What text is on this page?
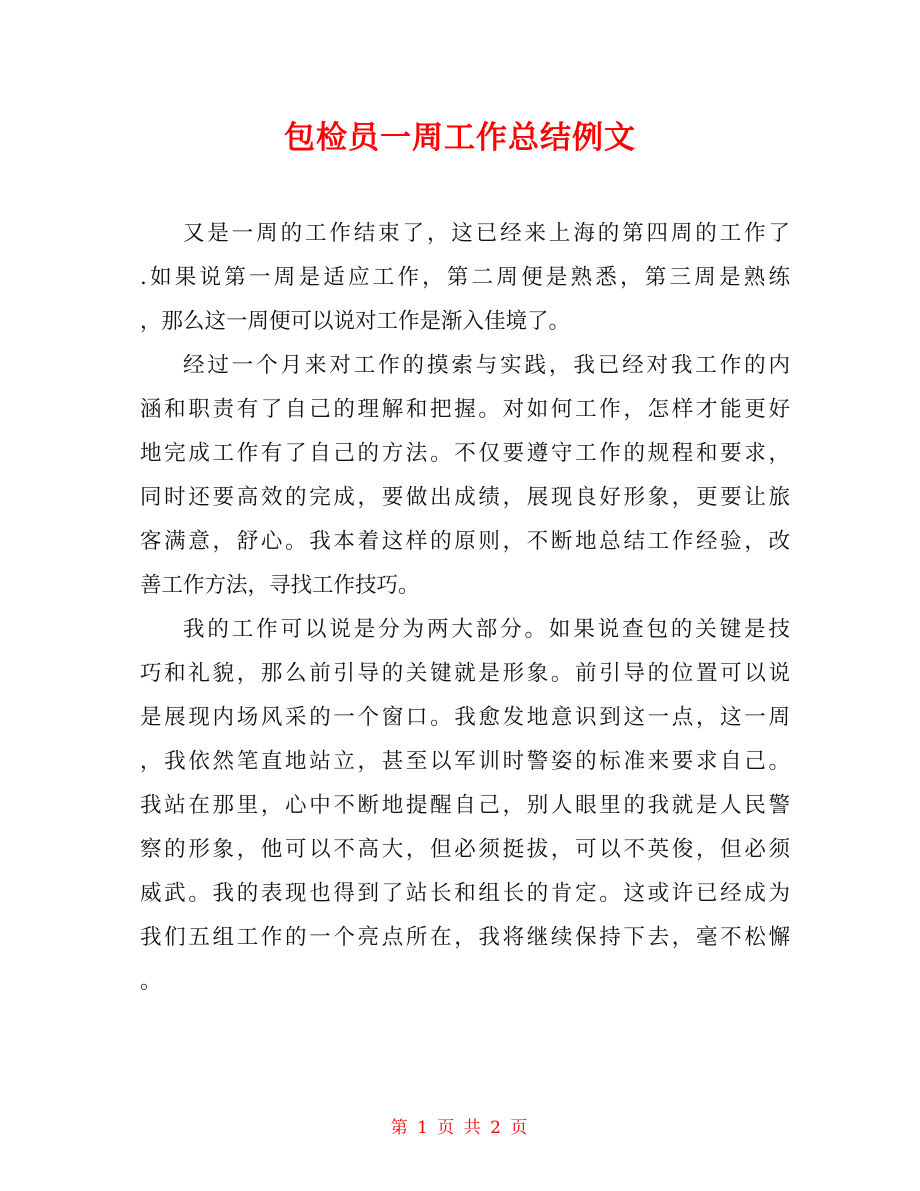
包检员一周工作总结例文
又是一周的工作结束了，这已经来上海的第四周的工作了
.如果说第一周是适应工作，第二周便是熟悉，第三周是熟练
，那么这一周便可以说对工作是渐入佳境了。
经过一个月来对工作的摸索与实践，我已经对我工作的内
涵和职责有了自己的理解和把握。对如何工作，怎样才能更好
地完成工作有了自己的方法。不仅要遵守工作的规程和要求，
同时还要高效的完成，要做出成绩，展现良好形象，更要让旅
客满意，舒心。我本着这样的原则，不断地总结工作经验，改
善工作方法，寻找工作技巧。
我的工作可以说是分为两大部分。如果说查包的关键是技
巧和礼貌，那么前引导的关键就是形象。前引导的位置可以说
是展现内场风采的一个窗口。我愈发地意识到这一点，这一周
，我依然笔直地站立，甚至以军训时警姿的标准来要求自己。
我站在那里，心中不断地提醒自己，别人眼里的我就是人民警
察的形象，他可以不高大，但必须挺拔，可以不英俊，但必须
威武。我的表现也得到了站长和组长的肯定。这或许已经成为
我们五组工作的一个亮点所在，我将继续保持下去，毫不松懈
。
第 1 页 共 2 页
